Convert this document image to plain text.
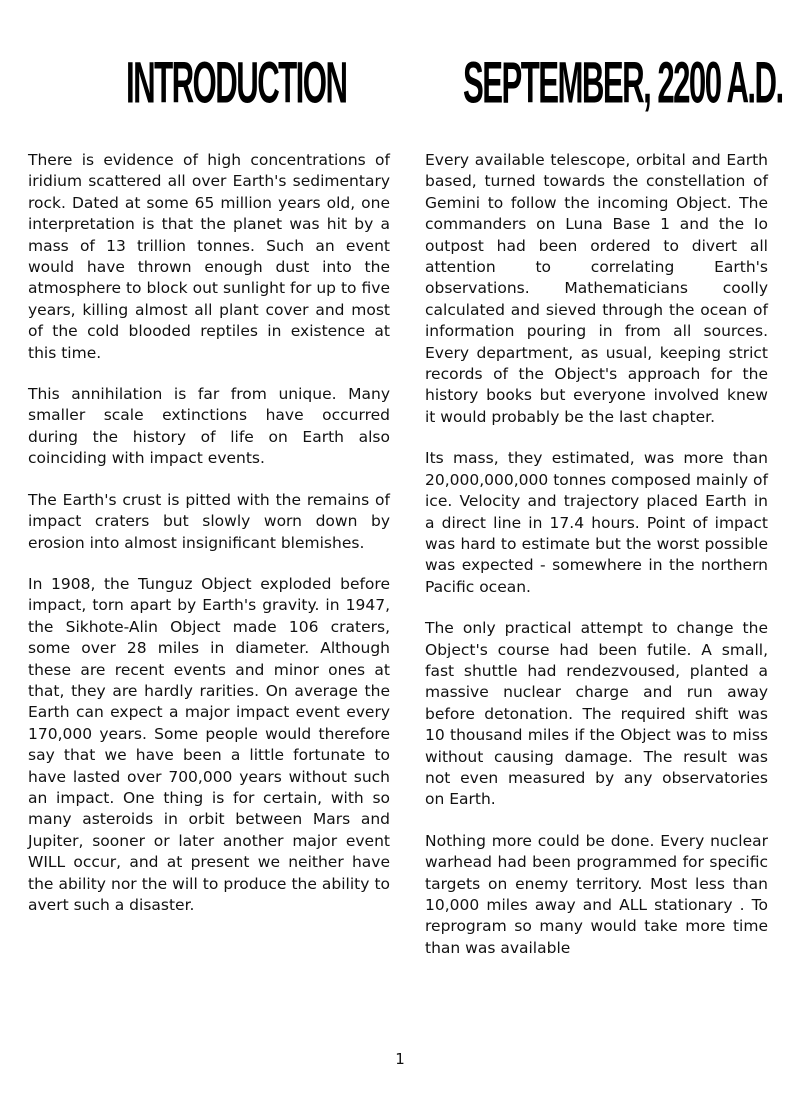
INTRODUCTION	SEPTEMBER, 2200 A.D.

There is evidence of high concentrations of iridium scattered all over Earth's sedimentary rock. Dated at some 65 million years old, one interpretation is that the planet was hit by a mass of 13 trillion tonnes. Such an event would have thrown enough dust into the atmosphere to block out sunlight for up to five years, killing almost all plant cover and most of the cold blooded reptiles in existence at this time.

This annihilation is far from unique. Many smaller scale extinctions have occurred during the history of life on Earth also coinciding with impact events.

The Earth's crust is pitted with the remains of impact craters but slowly worn down by erosion into almost insignificant blemishes.

In 1908, the Tunguz Object exploded before impact, torn apart by Earth's gravity. in 1947, the Sikhote-Alin Object made 106 craters, some over 28 miles in diameter. Although these are recent events and minor ones at that, they are hardly rarities. On average the Earth can expect a major impact event every 170,000 years. Some people would therefore say that we have been a little fortunate to have lasted over 700,000 years without such an impact. One thing is for certain, with so many asteroids in orbit between Mars and Jupiter, sooner or later another major event WILL occur, and at present we neither have the ability nor the will to produce the ability to avert such a disaster.

Every available telescope, orbital and Earth based, turned towards the constellation of Gemini to follow the incoming Object. The commanders on Luna Base 1 and the Io outpost had been ordered to divert all attention to correlating Earth's observations. Mathematicians coolly calculated and sieved through the ocean of information pouring in from all sources. Every department, as usual, keeping strict records of the Object's approach for the history books but everyone involved knew it would probably be the last chapter.

Its mass, they estimated, was more than 20,000,000,000 tonnes composed mainly of ice. Velocity and trajectory placed Earth in a direct line in 17.4 hours. Point of impact was hard to estimate but the worst possible was expected - somewhere in the northern Pacific ocean.

The only practical attempt to change the Object's course had been futile. A small, fast shuttle had rendezvoused, planted a massive nuclear charge and run away before detonation. The required shift was 10 thousand miles if the Object was to miss without causing damage. The result was not even measured by any observatories on Earth.

Nothing more could be done. Every nuclear warhead had been programmed for specific targets on enemy territory. Most less than 10,000 miles away and ALL stationary . To reprogram so many would take more time than was available

1
